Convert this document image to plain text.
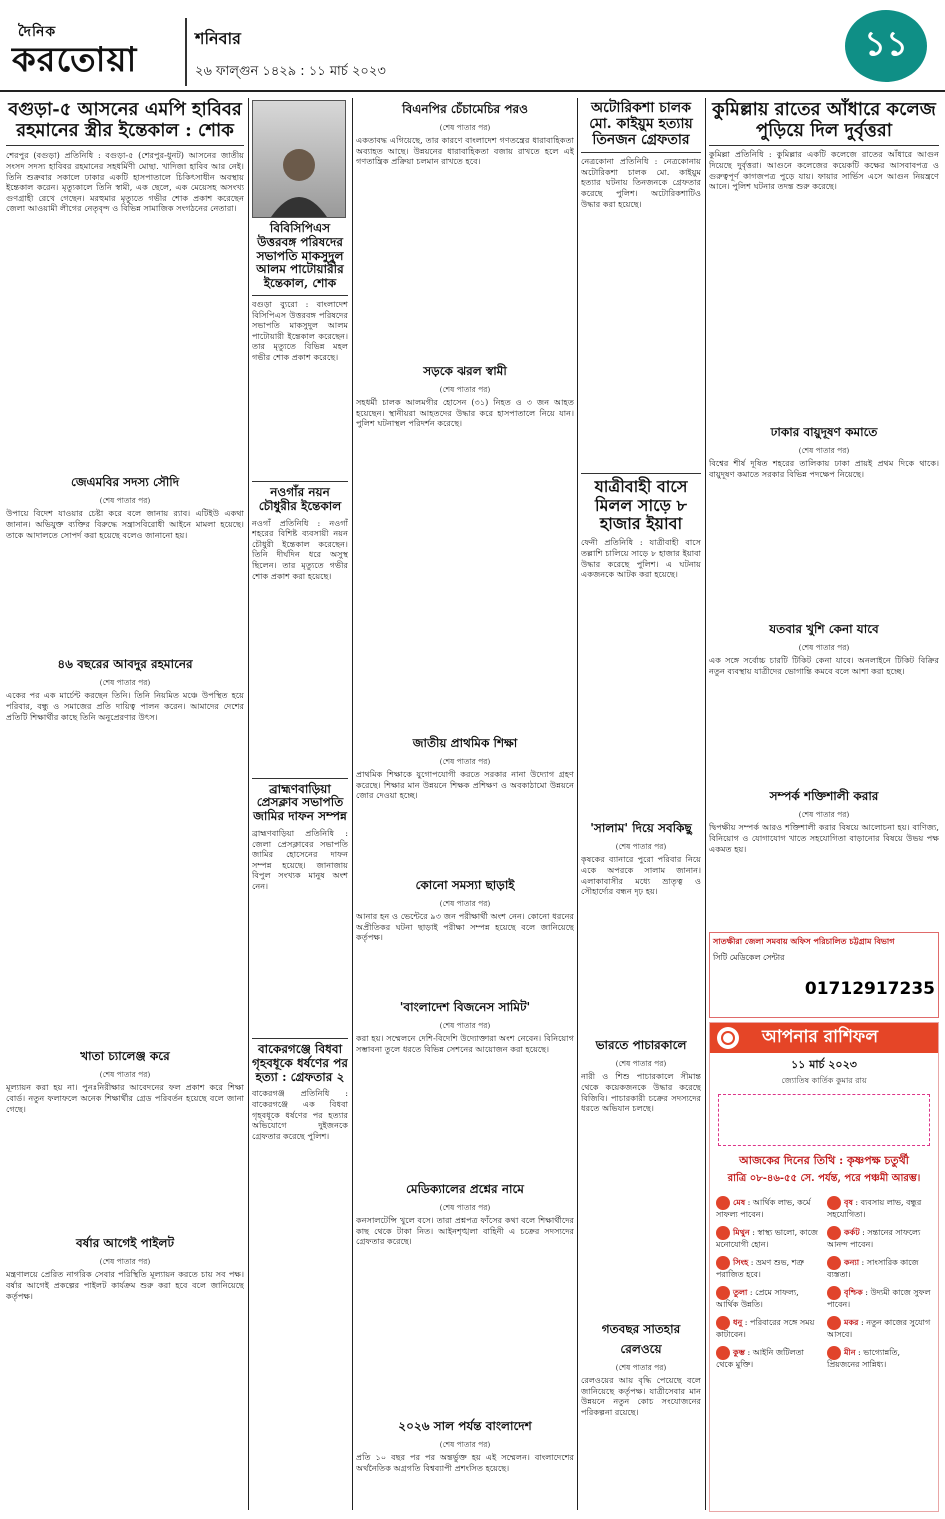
দৈনিক
করতোয়া
শনিবার
২৬ ফাল্গুন ১৪২৯ : ১১ মার্চ ২০২৩
১১
বগুড়া-৫ আসনের এমপি হাবিবর রহমানের স্ত্রীর ইন্তেকাল : শোক
শেরপুর (বগুড়া) প্রতিনিধি : বগুড়া-৫ (শেরপুর-ধুনট) আসনের জাতীয় সংসদ সদস্য হাবিবর রহমানের সহধর্মিণী মোছা. খাদিজা হাবিব আর নেই। তিনি শুক্রবার সকালে ঢাকার একটি হাসপাতালে চিকিৎসাধীন অবস্থায় ইন্তেকাল করেন। মৃত্যুকালে তিনি স্বামী, এক ছেলে, এক মেয়েসহ অসংখ্য গুণগ্রাহী রেখে গেছেন। মরহুমার মৃত্যুতে গভীর শোক প্রকাশ করেছেন জেলা আওয়ামী লীগের নেতৃবৃন্দ ও বিভিন্ন সামাজিক সংগঠনের নেতারা।
জেএমবির সদস্য সৌদি
(শেষ পাতার পর)
উপায়ে বিদেশ যাওয়ার চেষ্টা করে বলে জানায় র‌্যাব। এটিইউ একথা জানান। অভিযুক্ত ব্যক্তির বিরুদ্ধে সন্ত্রাসবিরোধী আইনে মামলা হয়েছে। তাকে আদালতে সোপর্দ করা হয়েছে বলেও জানানো হয়।
৪৬ বছরের আবদুর রহমানের
(শেষ পাতার পর)
একের পর এক মার্চেন্ট করছেন তিনি। তিনি নিয়মিত মঞ্চে উপস্থিত হয়ে পরিবার, বন্ধু ও সমাজের প্রতি দায়িত্ব পালন করেন। আমাদের দেশের প্রতিটি শিক্ষার্থীর কাছে তিনি অনুপ্রেরণার উৎস।
খাতা চ্যালেঞ্জ করে
(শেষ পাতার পর)
মূল্যায়ন করা হয় না। পুনঃনিরীক্ষার আবেদনের ফল প্রকাশ করে শিক্ষা বোর্ড। নতুন ফলাফলে অনেক শিক্ষার্থীর গ্রেড পরিবর্তন হয়েছে বলে জানা গেছে।
বর্ষার আগেই পাইলট
(শেষ পাতার পর)
মন্ত্রণালয়ে প্রেরিত নাগরিক সেবার পরিস্থিতি মূল্যায়ন করতে চায় সব পক্ষ। বর্ষার আগেই প্রকল্পের পাইলট কার্যক্রম শুরু করা হবে বলে জানিয়েছে কর্তৃপক্ষ।
বিবিসিপিএস উত্তরবঙ্গ পরিষদের সভাপতি মাকসুদুল আলম পাটোয়ারীর ইন্তেকাল, শোক
বগুড়া ব্যুরো : বাংলাদেশ বিসিপিএস উত্তরবঙ্গ পরিষদের সভাপতি মাকসুদুল আলম পাটোয়ারী ইন্তেকাল করেছেন। তার মৃত্যুতে বিভিন্ন মহল গভীর শোক প্রকাশ করেছে।
নওগাঁর নয়ন চৌধুরীর ইন্তেকাল
নওগাঁ প্রতিনিধি : নওগাঁ শহরের বিশিষ্ট ব্যবসায়ী নয়ন চৌধুরী ইন্তেকাল করেছেন। তিনি দীর্ঘদিন ধরে অসুস্থ ছিলেন। তার মৃত্যুতে গভীর শোক প্রকাশ করা হয়েছে।
ব্রাহ্মণবাড়িয়া প্রেসক্লাব সভাপতি জামির দাফন সম্পন্ন
ব্রাহ্মণবাড়িয়া প্রতিনিধি : জেলা প্রেসক্লাবের সভাপতি জামির হোসেনের দাফন সম্পন্ন হয়েছে। জানাজায় বিপুল সংখ্যক মানুষ অংশ নেন।
বাকেরগঞ্জে বিধবা গৃহবধূকে ধর্ষণের পর হত্যা : গ্রেফতার ২
বাকেরগঞ্জ প্রতিনিধি : বাকেরগঞ্জে এক বিধবা গৃহবধূকে ধর্ষণের পর হত্যার অভিযোগে দুইজনকে গ্রেফতার করেছে পুলিশ।
বিএনপির চেঁচামেচির পরও
(শেষ পাতার পর)
একতাবদ্ধ এগিয়েছে, তার কারণে বাংলাদেশ গণতন্ত্রের ধারাবাহিকতা অব্যাহত আছে। উন্নয়নের ধারাবাহিকতা বজায় রাখতে হলে এই গণতান্ত্রিক প্রক্রিয়া চলমান রাখতে হবে।
সড়কে ঝরল স্বামী
(শেষ পাতার পর)
সহধর্মী চালক আলমগীর হোসেন (৩১) নিহত ও ৩ জন আহত হয়েছেন। স্থানীয়রা আহতদের উদ্ধার করে হাসপাতালে নিয়ে যান। পুলিশ ঘটনাস্থল পরিদর্শন করেছে।
জাতীয় প্রাথমিক শিক্ষা
(শেষ পাতার পর)
প্রাথমিক শিক্ষাকে যুগোপযোগী করতে সরকার নানা উদ্যোগ গ্রহণ করেছে। শিক্ষার মান উন্নয়নে শিক্ষক প্রশিক্ষণ ও অবকাঠামো উন্নয়নে জোর দেওয়া হচ্ছে।
কোনো সমস্যা ছাড়াই
(শেষ পাতার পর)
আনার হন ও ভেন্টেরে ৯৩ জন পরীক্ষার্থী অংশ নেন। কোনো ধরনের অপ্রীতিকর ঘটনা ছাড়াই পরীক্ষা সম্পন্ন হয়েছে বলে জানিয়েছে কর্তৃপক্ষ।
'বাংলাদেশ বিজনেস সামিট'
(শেষ পাতার পর)
করা হয়। সম্মেলনে দেশি-বিদেশি উদ্যোক্তারা অংশ নেবেন। বিনিয়োগ সম্ভাবনা তুলে ধরতে বিভিন্ন সেশনের আয়োজন করা হয়েছে।
মেডিক্যালের প্রশ্নের নামে
(শেষ পাতার পর)
কনসালটেন্সি খুলে বসে। তারা প্রশ্নপত্র ফাঁসের কথা বলে শিক্ষার্থীদের কাছ থেকে টাকা নিত। আইনশৃঙ্খলা বাহিনী এ চক্রের সদস্যদের গ্রেফতার করেছে।
২০২৬ সাল পর্যন্ত বাংলাদেশ
(শেষ পাতার পর)
প্রতি ১০ বছর পর পর অন্তর্ভুক্ত হয় এই সম্মেলন। বাংলাদেশের অর্থনৈতিক অগ্রগতি বিশ্বব্যাপী প্রশংসিত হয়েছে।
অটোরিকশা চালক মো. কাইয়ুম হত্যায় তিনজন গ্রেফতার
নেত্রকোনা প্রতিনিধি : নেত্রকোনায় অটোরিকশা চালক মো. কাইয়ুম হত্যার ঘটনায় তিনজনকে গ্রেফতার করেছে পুলিশ। অটোরিকশাটিও উদ্ধার করা হয়েছে।
যাত্রীবাহী বাসে মিলল সাড়ে ৮ হাজার ইয়াবা
ফেনী প্রতিনিধি : যাত্রীবাহী বাসে তল্লাশি চালিয়ে সাড়ে ৮ হাজার ইয়াবা উদ্ধার করেছে পুলিশ। এ ঘটনায় একজনকে আটক করা হয়েছে।
'সালাম' দিয়ে সবকিছু
(শেষ পাতার পর)
কৃষকের ব্যানারে পুরো পরিবার নিয়ে একে অপরকে সালাম জানান। এলাকাবাসীর মধ্যে ভ্রাতৃত্ব ও সৌহার্দ্যের বন্ধন দৃঢ় হয়।
ভারতে পাচারকালে
(শেষ পাতার পর)
নারী ও শিশু পাচারকালে সীমান্ত থেকে কয়েকজনকে উদ্ধার করেছে বিজিবি। পাচারকারী চক্রের সদস্যদের ধরতে অভিযান চলছে।
গতবছর সাতহার রেলওয়ে
(শেষ পাতার পর)
রেলওয়ের আয় বৃদ্ধি পেয়েছে বলে জানিয়েছে কর্তৃপক্ষ। যাত্রীসেবার মান উন্নয়নে নতুন কোচ সংযোজনের পরিকল্পনা রয়েছে।
কুমিল্লায় রাতের আঁধারে কলেজ পুড়িয়ে দিল দুর্বৃত্তরা
কুমিল্লা প্রতিনিধি : কুমিল্লার একটি কলেজে রাতের আঁধারে আগুন দিয়েছে দুর্বৃত্তরা। আগুনে কলেজের কয়েকটি কক্ষের আসবাবপত্র ও গুরুত্বপূর্ণ কাগজপত্র পুড়ে যায়। ফায়ার সার্ভিস এসে আগুন নিয়ন্ত্রণে আনে। পুলিশ ঘটনার তদন্ত শুরু করেছে।
ঢাকার বায়ুদূষণ কমাতে
(শেষ পাতার পর)
বিশ্বের শীর্ষ দূষিত শহরের তালিকায় ঢাকা প্রায়ই প্রথম দিকে থাকে। বায়ুদূষণ কমাতে সরকার বিভিন্ন পদক্ষেপ নিয়েছে।
যতবার খুশি কেনা যাবে
(শেষ পাতার পর)
এক সঙ্গে সর্বোচ্চ চারটি টিকিট কেনা যাবে। অনলাইনে টিকিট বিক্রির নতুন ব্যবস্থায় যাত্রীদের ভোগান্তি কমবে বলে আশা করা হচ্ছে।
সম্পর্ক শক্তিশালী করার
(শেষ পাতার পর)
দ্বিপক্ষীয় সম্পর্ক আরও শক্তিশালী করার বিষয়ে আলোচনা হয়। বাণিজ্য, বিনিয়োগ ও যোগাযোগ খাতে সহযোগিতা বাড়ানোর বিষয়ে উভয় পক্ষ একমত হয়।
সাতক্ষীরা জেলা সমবায় অফিস পরিচালিত চট্টগ্রাম বিভাগ
সিটি মেডিকেল সেন্টার
01712917235
আপনার রাশিফল
১১ মার্চ ২০২৩
জ্যোতিষ কার্তিক কুমার রায়
আজকের দিনের তিথি : কৃষ্ণপক্ষ চতুর্থী
রাত্রি ০৮-৪৬-৫৫ সে. পর্যন্ত, পরে পঞ্চমী আরম্ভ।
মেষ : আর্থিক লাভ, কর্মে সাফল্য পাবেন।
বৃষ : ব্যবসায় লাভ, বন্ধুর সহযোগিতা।
মিথুন : স্বাস্থ্য ভালো, কাজে মনোযোগী হোন।
কর্কট : সন্তানের সাফল্যে আনন্দ পাবেন।
সিংহ : ভ্রমণ শুভ, শত্রু পরাজিত হবে।
কন্যা : সাংসারিক কাজে ব্যস্ততা।
তুলা : প্রেমে সাফল্য, আর্থিক উন্নতি।
বৃশ্চিক : উদ্যমী কাজে সুফল পাবেন।
ধনু : পরিবারের সঙ্গে সময় কাটাবেন।
মকর : নতুন কাজের সুযোগ আসবে।
কুম্ভ : আইনি জটিলতা থেকে মুক্তি।
মীন : ভাগ্যোন্নতি, প্রিয়জনের সান্নিধ্য।
